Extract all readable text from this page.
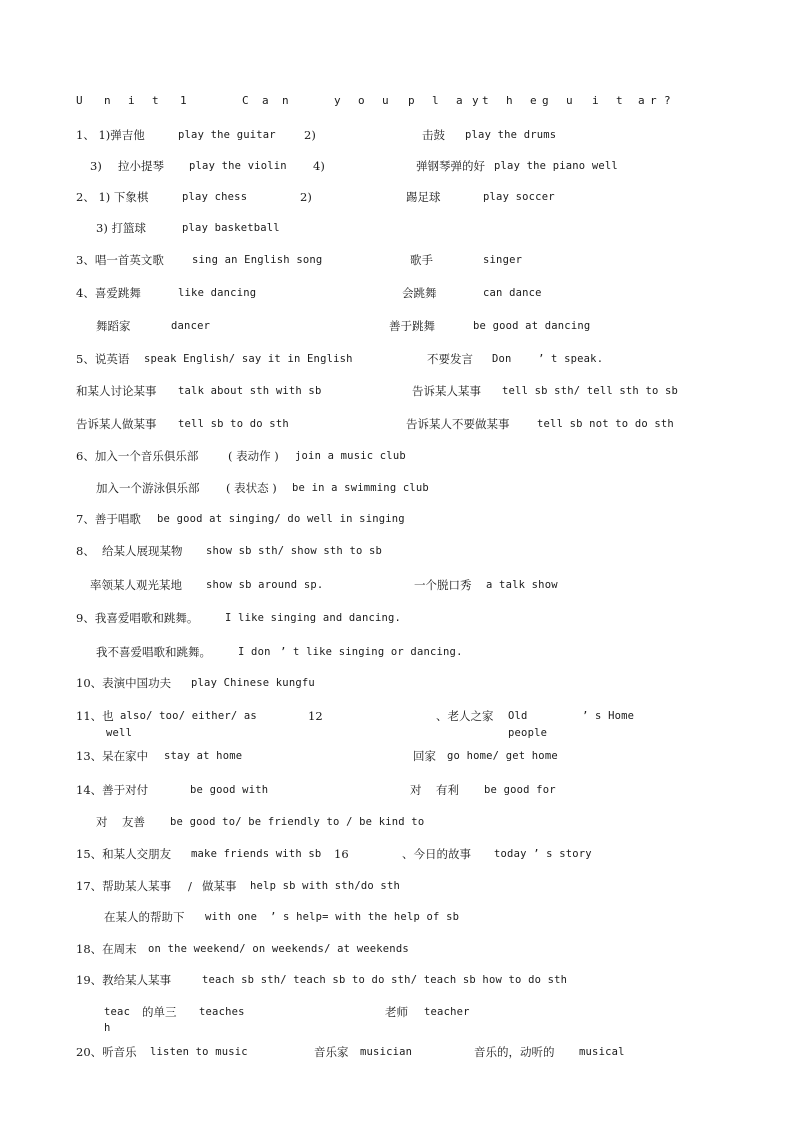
U n i t 1	C a n	y o u p l a y t h e g u i t a r ?
1、 1)弹吉他	play the guitar 2)	击鼓 play the drums
3) 拉小提琴 play the violin 4)	弹钢琴弹的好 play the piano well
2、 1) 下象棋	play chess	2)	踢足球	play soccer
3) 打篮球	play basketball
3、唱一首英文歌	sing an English song	歌手	singer
4、喜爱跳舞	like dancing	会跳舞	can dance
舞蹈家	dancer	善于跳舞	be good at dancing
5、说英语 speak English/ say it in English	不要发言 Don	’ t speak.
和某人讨论某事 talk about sth with sb	告诉某人某事 tell sb sth/ tell sth to sb
告诉某人做某事 tell sb to do sth	告诉某人不要做某事	tell sb not to do sth
6、加入一个音乐俱乐部	( 表动作 ) join a music club
加入一个游泳俱乐部 ( 表状态 ) be in a swimming club
7、善于唱歌 be good at singing/ do well in singing
8、 给某人展现某物 show sb sth/ show sth to sb
率领某人观光某地 show sb around sp.	一个脱口秀 a talk show
9、我喜爱唱歌和跳舞。	I like singing and dancing.
我不喜爱唱歌和跳舞。	I don ’ t like singing or dancing.
10、表演中国功夫 play Chinese kungfu
11、也 also/ too/ either/ as	12	、老人之家 Old	’ s Home
well	people
13、呆在家中 stay at home	回家 go home/ get home
14、善于对付	be good with	对 有利 be good for
对 友善 be good to/ be friendly to / be kind to
15、和某人交朋友 make friends with sb 16	、今日的故事 today ’ s story
17、帮助某人某事 / 做某事 help sb with sth/do sth
在某人的帮助下 with one ’ s help= with the help of sb
18、在周末 on the weekend/ on weekends/ at weekends
19、教给某人某事	teach sb sth/ teach sb to do sth/ teach sb how to do sth
teac 的单三 teaches	老师 teacher
h
20、听音乐 listen to music	音乐家 musician	音乐的，动听的 musical
